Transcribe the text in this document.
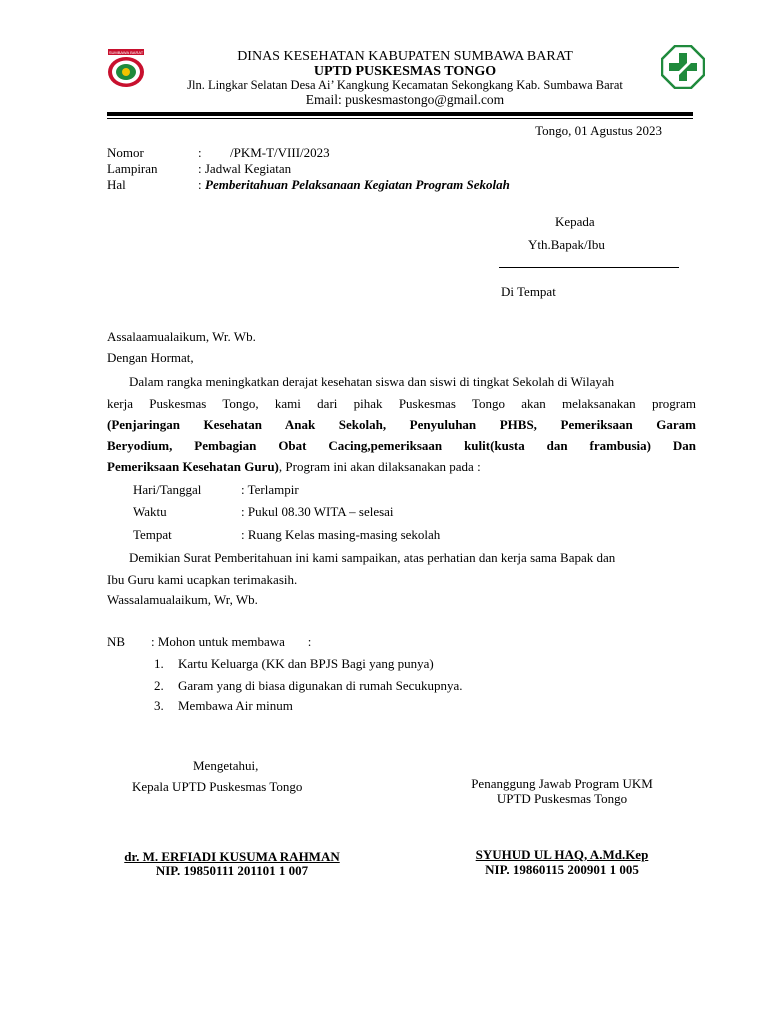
SUMBAWA BARAT	DINAS KESEHATAN KABUPATEN SUMBAWA BARAT
UPTD PUSKESMAS TONGO
Jln. Lingkar Selatan Desa Ai’ Kangkung Kecamatan Sekongkang Kab. Sumbawa Barat
Email: puskesmastongo@gmail.com
Tongo, 01 Agustus 2023
Nomor	: /PKM-T/VIII/2023
Lampiran	: Jadwal Kegiatan
Hal	: Pemberitahuan Pelaksanaan Kegiatan Program Sekolah
Kepada
Yth.Bapak/Ibu
Di Tempat
Assalaamualaikum, Wr. Wb.
Dengan Hormat,
Dalam rangka meningkatkan derajat kesehatan siswa dan siswi di tingkat Sekolah di Wilayah
kerja Puskesmas Tongo, kami dari pihak Puskesmas Tongo akan melaksanakan program
(Penjaringan Kesehatan Anak Sekolah, Penyuluhan PHBS, Pemeriksaan Garam
Beryodium, Pembagian Obat Cacing,pemeriksaan kulit(kusta dan frambusia) Dan
Pemeriksaan Kesehatan Guru), Program ini akan dilaksanakan pada :
Hari/Tanggal	: Terlampir
Waktu	: Pukul 08.30 WITA – selesai
Tempat	: Ruang Kelas masing-masing sekolah
Demikian Surat Pemberitahuan ini kami sampaikan, atas perhatian dan kerja sama Bapak dan
Ibu Guru kami ucapkan terimakasih.
Wassalamualaikum, Wr, Wb.
NB : Mohon untuk membawa       :
1. Kartu Keluarga (KK dan BPJS Bagi yang punya)
2. Garam yang di biasa digunakan di rumah Secukupnya.
3. Membawa Air minum
Mengetahui,
Kepala UPTD Puskesmas Tongo
dr. M. ERFIADI KUSUMA RAHMAN
NIP. 19850111 201101 1 007
Penanggung Jawab Program UKM
UPTD Puskesmas Tongo
SYUHUD UL HAQ, A.Md.Kep
NIP. 19860115 200901 1 005
